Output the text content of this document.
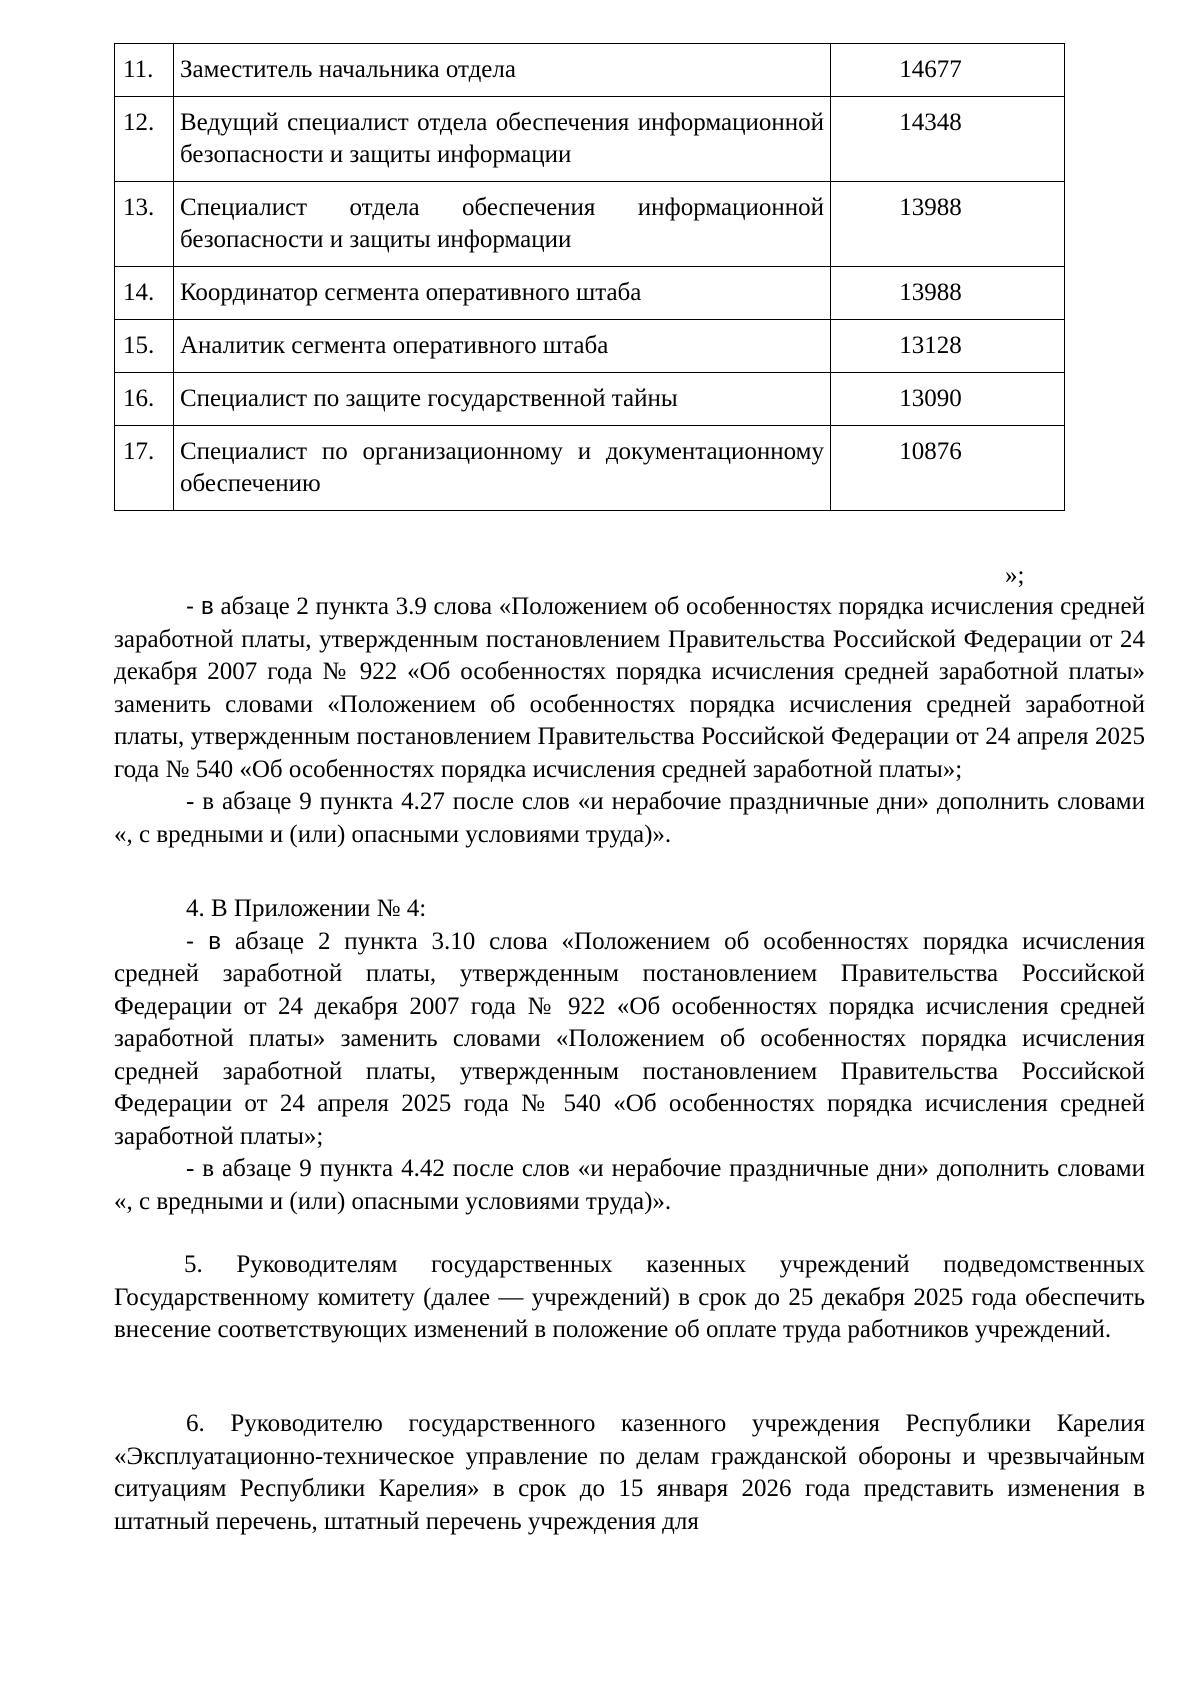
11.	Заместитель начальника отдела	14677
12.	Ведущий специалист отдела обеспечения информационной безопасности и защиты информации	14348
13.	Специалист отдела обеспечения информационной безопасности и защиты информации	13988
14.	Координатор сегмента оперативного штаба	13988
15.	Аналитик сегмента оперативного штаба	13128
16.	Специалист по защите государственной тайны	13090
17.	Специалист по организационному и документационному обеспечению	10876
»;

- в абзаце 2 пункта 3.9 слова «Положением об особенностях порядка исчисления средней заработной платы, утвержденным постановлением Правительства Российской Федерации от 24 декабря 2007 года № 922 «Об особенностях порядка исчисления средней заработной платы» заменить словами «Положением об особенностях порядка исчисления средней заработной платы, утвержденным постановлением Правительства Российской Федерации от 24 апреля 2025 года № 540 «Об особенностях порядка исчисления средней заработной платы»;

- в абзаце 9 пункта 4.27 после слов «и нерабочие праздничные дни» дополнить словами «, с вредными и (или) опасными условиями труда)».

4. В Приложении № 4:

- в абзаце 2 пункта 3.10 слова «Положением об особенностях порядка исчисления средней заработной платы, утвержденным постановлением Правительства Российской Федерации от 24 декабря 2007 года № 922 «Об особенностях порядка исчисления средней заработной платы» заменить словами «Положением об особенностях порядка исчисления средней заработной платы, утвержденным постановлением Правительства Российской Федерации от 24 апреля 2025 года № 540 «Об особенностях порядка исчисления средней заработной платы»;

- в абзаце 9 пункта 4.42 после слов «и нерабочие праздничные дни» дополнить словами «, с вредными и (или) опасными условиями труда)».

5. Руководителям государственных казенных учреждений подведомственных Государственному комитету (далее — учреждений) в срок до 25 декабря 2025 года обеспечить внесение соответствующих изменений в положение об оплате труда работников учреждений.

6. Руководителю государственного казенного учреждения Республики Карелия «Эксплуатационно-техническое управление по делам гражданской обороны и чрезвычайным ситуациям Республики Карелия» в срок до 15 января 2026 года представить изменения в штатный перечень, штатный перечень учреждения для
